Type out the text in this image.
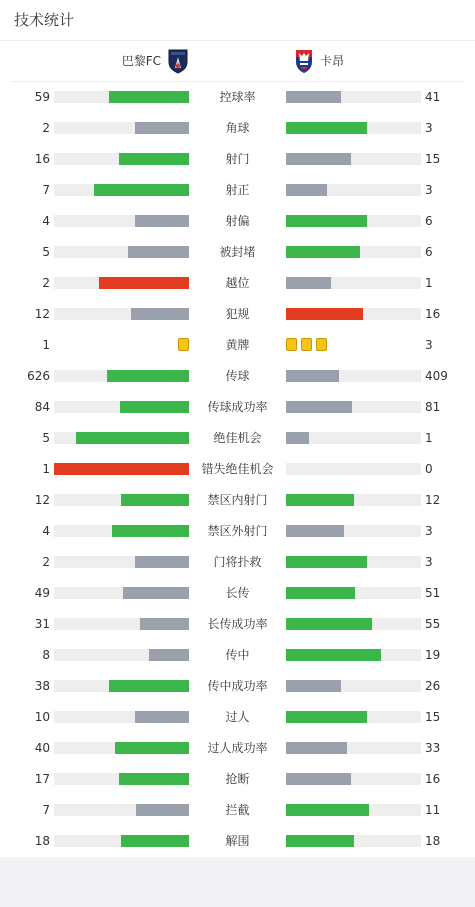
技术统计
巴黎FC	卡昂
59	控球率	41
2	角球	3
16	射门	15
7	射正	3
4	射偏	6
5	被封堵	6
2	越位	1
12	犯规	16
1	黄牌	3
626	传球	409
84	传球成功率	81
5	绝佳机会	1
1	错失绝佳机会	0
12	禁区内射门	12
4	禁区外射门	3
2	门将扑救	3
49	长传	51
31	长传成功率	55
8	传中	19
38	传中成功率	26
10	过人	15
40	过人成功率	33
17	抢断	16
7	拦截	11
18	解围	18
